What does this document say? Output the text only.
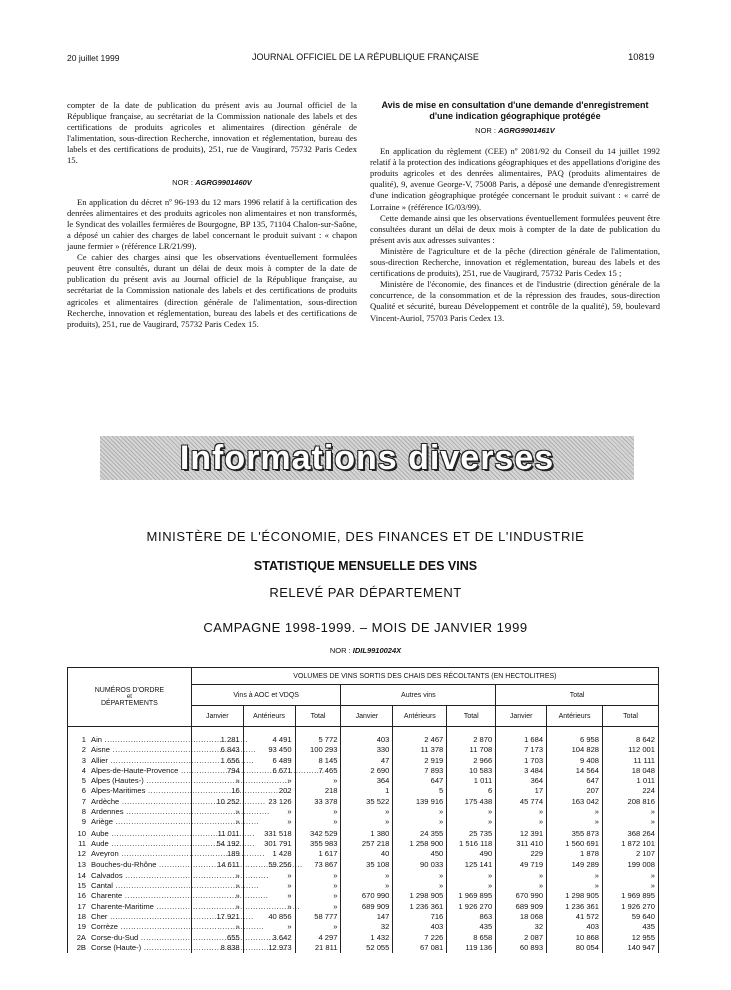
20 juillet 1999	JOURNAL OFFICIEL DE LA RÉPUBLIQUE FRANÇAISE	10819

compter de la date de publication du présent avis au Journal officiel de la République française, au secrétariat de la Commission nationale des labels et des certifications de produits agricoles et alimentaires (direction générale de l'alimentation, sous-direction Recherche, innovation et réglementation, bureau des labels et des certifications de produits), 251, rue de Vaugirard, 75732 Paris Cedex 15.

NOR : AGRG9901460V

En application du décret nº 96-193 du 12 mars 1996 relatif à la certification des denrées alimentaires et des produits agricoles non alimentaires et non transformés, le Syndicat des volailles fermières de Bourgogne, BP 135, 71104 Chalon-sur-Saône, a déposé un cahier des charges de label concernant le produit suivant : « chapon jaune fermier » (référence LR/21/99).

Ce cahier des charges ainsi que les observations éventuellement formulées peuvent être consultés, durant un délai de deux mois à compter de la date de publication du présent avis au Journal officiel de la République française, au secrétariat de la Commission nationale des labels et des certifications de produits agricoles et alimentaires (direction générale de l'alimentation, sous-direction Recherche, innovation et réglementation, bureau des labels et des certifications de produits), 251, rue de Vaugirard, 75732 Paris Cedex 15.

Avis de mise en consultation d'une demande d'enregistrement d'une indication géographique protégée
NOR : AGRG9901461V

En application du règlement (CEE) nº 2081/92 du Conseil du 14 juillet 1992 relatif à la protection des indications géographiques et des appellations d'origine des produits agricoles et des denrées alimentaires, PAQ (produits alimentaires de qualité), 9, avenue George-V, 75008 Paris, a déposé une demande d'enregistrement d'une indication géographique protégée concernant le produit suivant : « carré de Lorraine » (référence IG/03/99).

Cette demande ainsi que les observations éventuellement formulées peuvent être consultées durant un délai de deux mois à compter de la date de publication du présent avis aux adresses suivantes :

Ministère de l'agriculture et de la pêche (direction générale de l'alimentation, sous-direction Recherche, innovation et réglementation, bureau des labels et des certifications de produits), 251, rue de Vaugirard, 75732 Paris Cedex 15 ;

Ministère de l'économie, des finances et de l'industrie (direction générale de la concurrence, de la consommation et de la répression des fraudes, sous-direction Qualité et sécurité, bureau Développement et contrôle de la qualité), 59, boulevard Vincent-Auriol, 75703 Paris Cedex 13.

Informations diverses
MINISTÈRE DE L'ÉCONOMIE, DES FINANCES ET DE L'INDUSTRIE
STATISTIQUE MENSUELLE DES VINS
RELEVÉ PAR DÉPARTEMENT
CAMPAGNE 1998-1999. – MOIS DE JANVIER 1999
NOR : IDIL9910024X
NUMÉROS D'ORDRE
et
DÉPARTEMENTS	VOLUMES DE VINS SORTIS DES CHAIS DES RÉCOLTANTS (EN HECTOLITRES)								
	Vins à AOC et VDQS			Autres vins			Total		
	Janvier	Antérieurs	Total	Janvier	Antérieurs	Total	Janvier	Antérieurs	Total

1 Ain .....	1 281	4 491	5 772	403	2 467	2 870	1 684	6 958	8 642
2 Aisne .....	6 843	93 450	100 293	330	11 378	11 708	7 173	104 828	112 001
3 Allier .....	1 656	6 489	8 145	47	2 919	2 966	1 703	9 408	11 111
4 Alpes-de-Haute-Provence .....	794	6 671	7 465	2 690	7 893	10 583	3 484	14 564	18 048
5 Alpes (Hautes-) .....	»	»	»	364	647	1 011	364	647	1 011
6 Alpes-Maritimes .....	16	202	218	1	5	6	17	207	224
7 Ardèche .....	10 252	23 126	33 378	35 522	139 916	175 438	45 774	163 042	208 816
8 Ardennes .....	»	»	»	»	»	»	»	»	»
9 Ariège .....	»	»	»	»	»	»	»	»	»
10 Aube .....	11 011	331 518	342 529	1 380	24 355	25 735	12 391	355 873	368 264
11 Aude .....	54 192	301 791	355 983	257 218	1 258 900	1 516 118	311 410	1 560 691	1 872 101
12 Aveyron .....	189	1 428	1 617	40	450	490	229	1 878	2 107
13 Bouches-du-Rhône .....	14 611	59 256	73 867	35 108	90 033	125 141	49 719	149 289	199 008
14 Calvados .....	»	»	»	»	»	»	»	»	»
15 Cantal .....	»	»	»	»	»	»	»	»	»
16 Charente .....	»	»	»	670 990	1 298 905	1 969 895	670 990	1 298 905	1 969 895
17 Charente-Maritime .....	»	»	»	689 909	1 236 361	1 926 270	689 909	1 236 361	1 926 270
18 Cher .....	17 921	40 856	58 777	147	716	863	18 068	41 572	59 640
19 Corrèze .....	»	»	»	32	403	435	32	403	435
2A Corse-du-Sud .....	655	3 642	4 297	1 432	7 226	8 658	2 087	10 868	12 955
2B Corse (Haute-) .....	8 838	12 973	21 811	52 055	67 081	119 136	60 893	80 054	140 947
